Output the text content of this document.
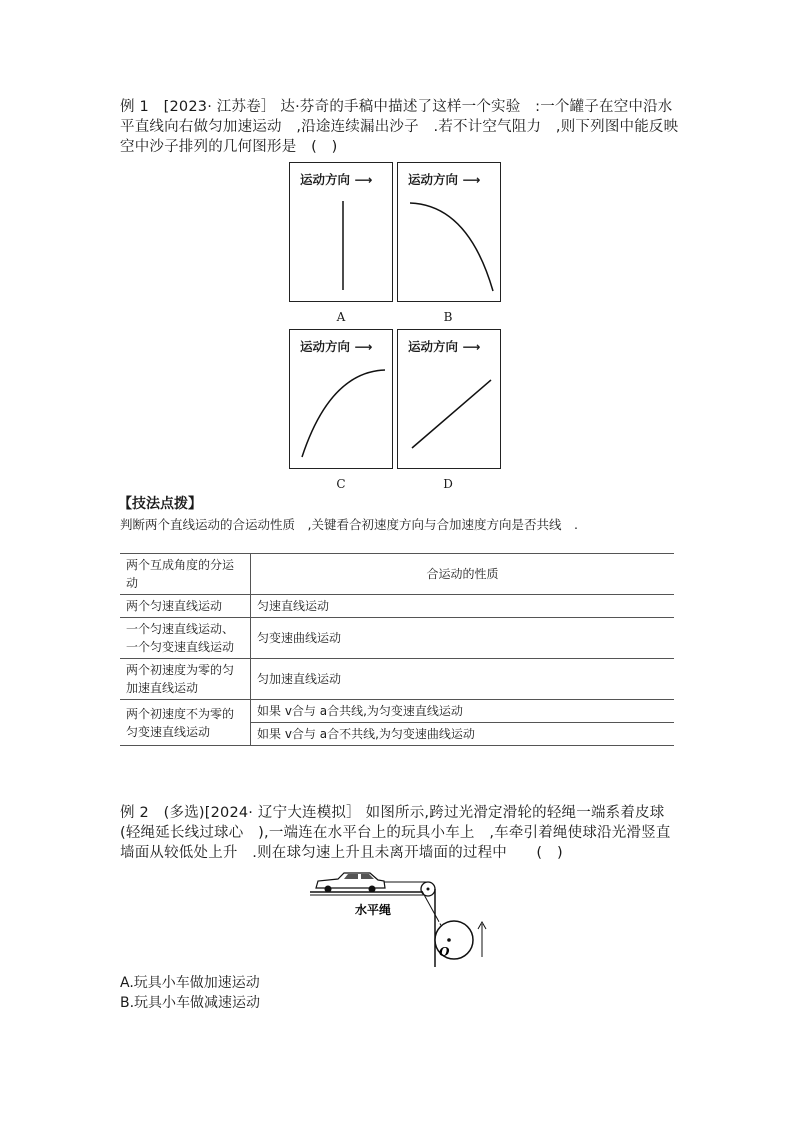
例 1　[2023· 江苏卷］ 达·芬奇的手稿中描述了这样一个实验　:一个罐子在空中沿水平直线向右做匀加速运动　,沿途连续漏出沙子　.若不计空气阻力　,则下列图中能反映空中沙子排列的几何图形是　(　)
运动方向 ⟶
A
运动方向 ⟶
B
运动方向 ⟶
C
运动方向 ⟶
D
【技法点拨】
判断两个直线运动的合运动性质　,关键看合初速度方向与合加速度方向是否共线　.
两个互成角度的分运动	合运动的性质
两个匀速直线运动	匀速直线运动
一个匀速直线运动、一个匀变速直线运动	匀变速曲线运动
两个初速度为零的匀加速直线运动	匀加速直线运动
两个初速度不为零的匀变速直线运动	如果 v合与 a合共线,为匀变速直线运动
	如果 v合与 a合不共线,为匀变速曲线运动
例 2　(多选)[2024· 辽宁大连模拟］ 如图所示,跨过光滑定滑轮的轻绳一端系着皮球(轻绳延长线过球心　),一端连在水平台上的玩具小车上　,车牵引着绳使球沿光滑竖直墙面从较低处上升　.则在球匀速上升且未离开墙面的过程中　　(　)
水平绳
O
A.玩具小车做加速运动
B.玩具小车做减速运动
